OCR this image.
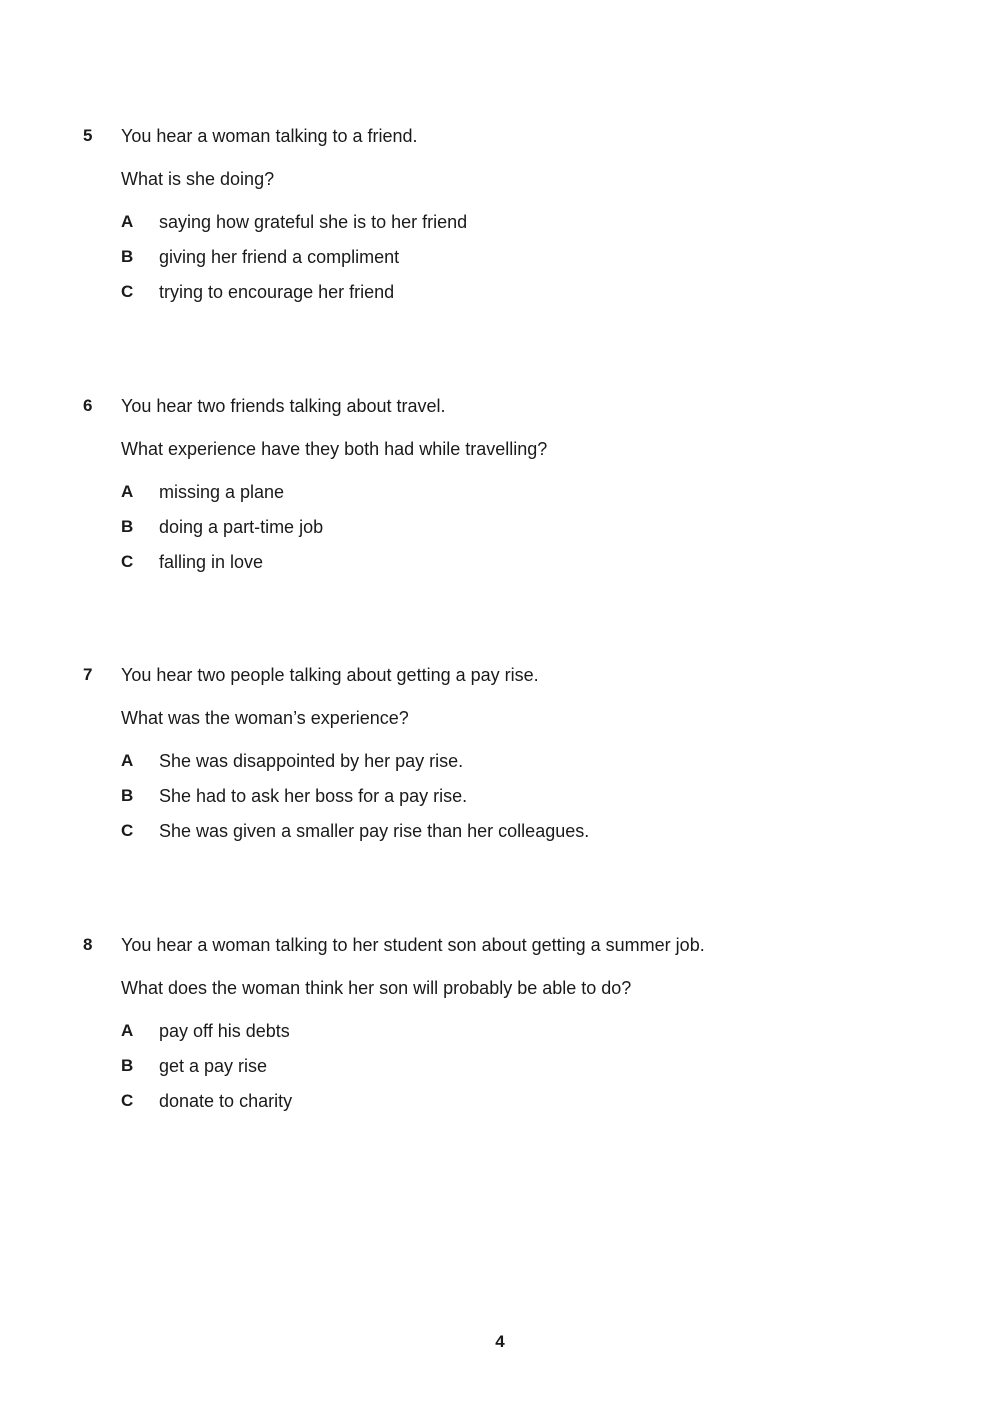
5 You hear a woman talking to a friend.
What is she doing?
A saying how grateful she is to her friend
B giving her friend a compliment
C trying to encourage her friend
6 You hear two friends talking about travel.
What experience have they both had while travelling?
A missing a plane
B doing a part-time job
C falling in love
7 You hear two people talking about getting a pay rise.
What was the woman’s experience?
A She was disappointed by her pay rise.
B She had to ask her boss for a pay rise.
C She was given a smaller pay rise than her colleagues.
8 You hear a woman talking to her student son about getting a summer job.
What does the woman think her son will probably be able to do?
A pay off his debts
B get a pay rise
C donate to charity
4
